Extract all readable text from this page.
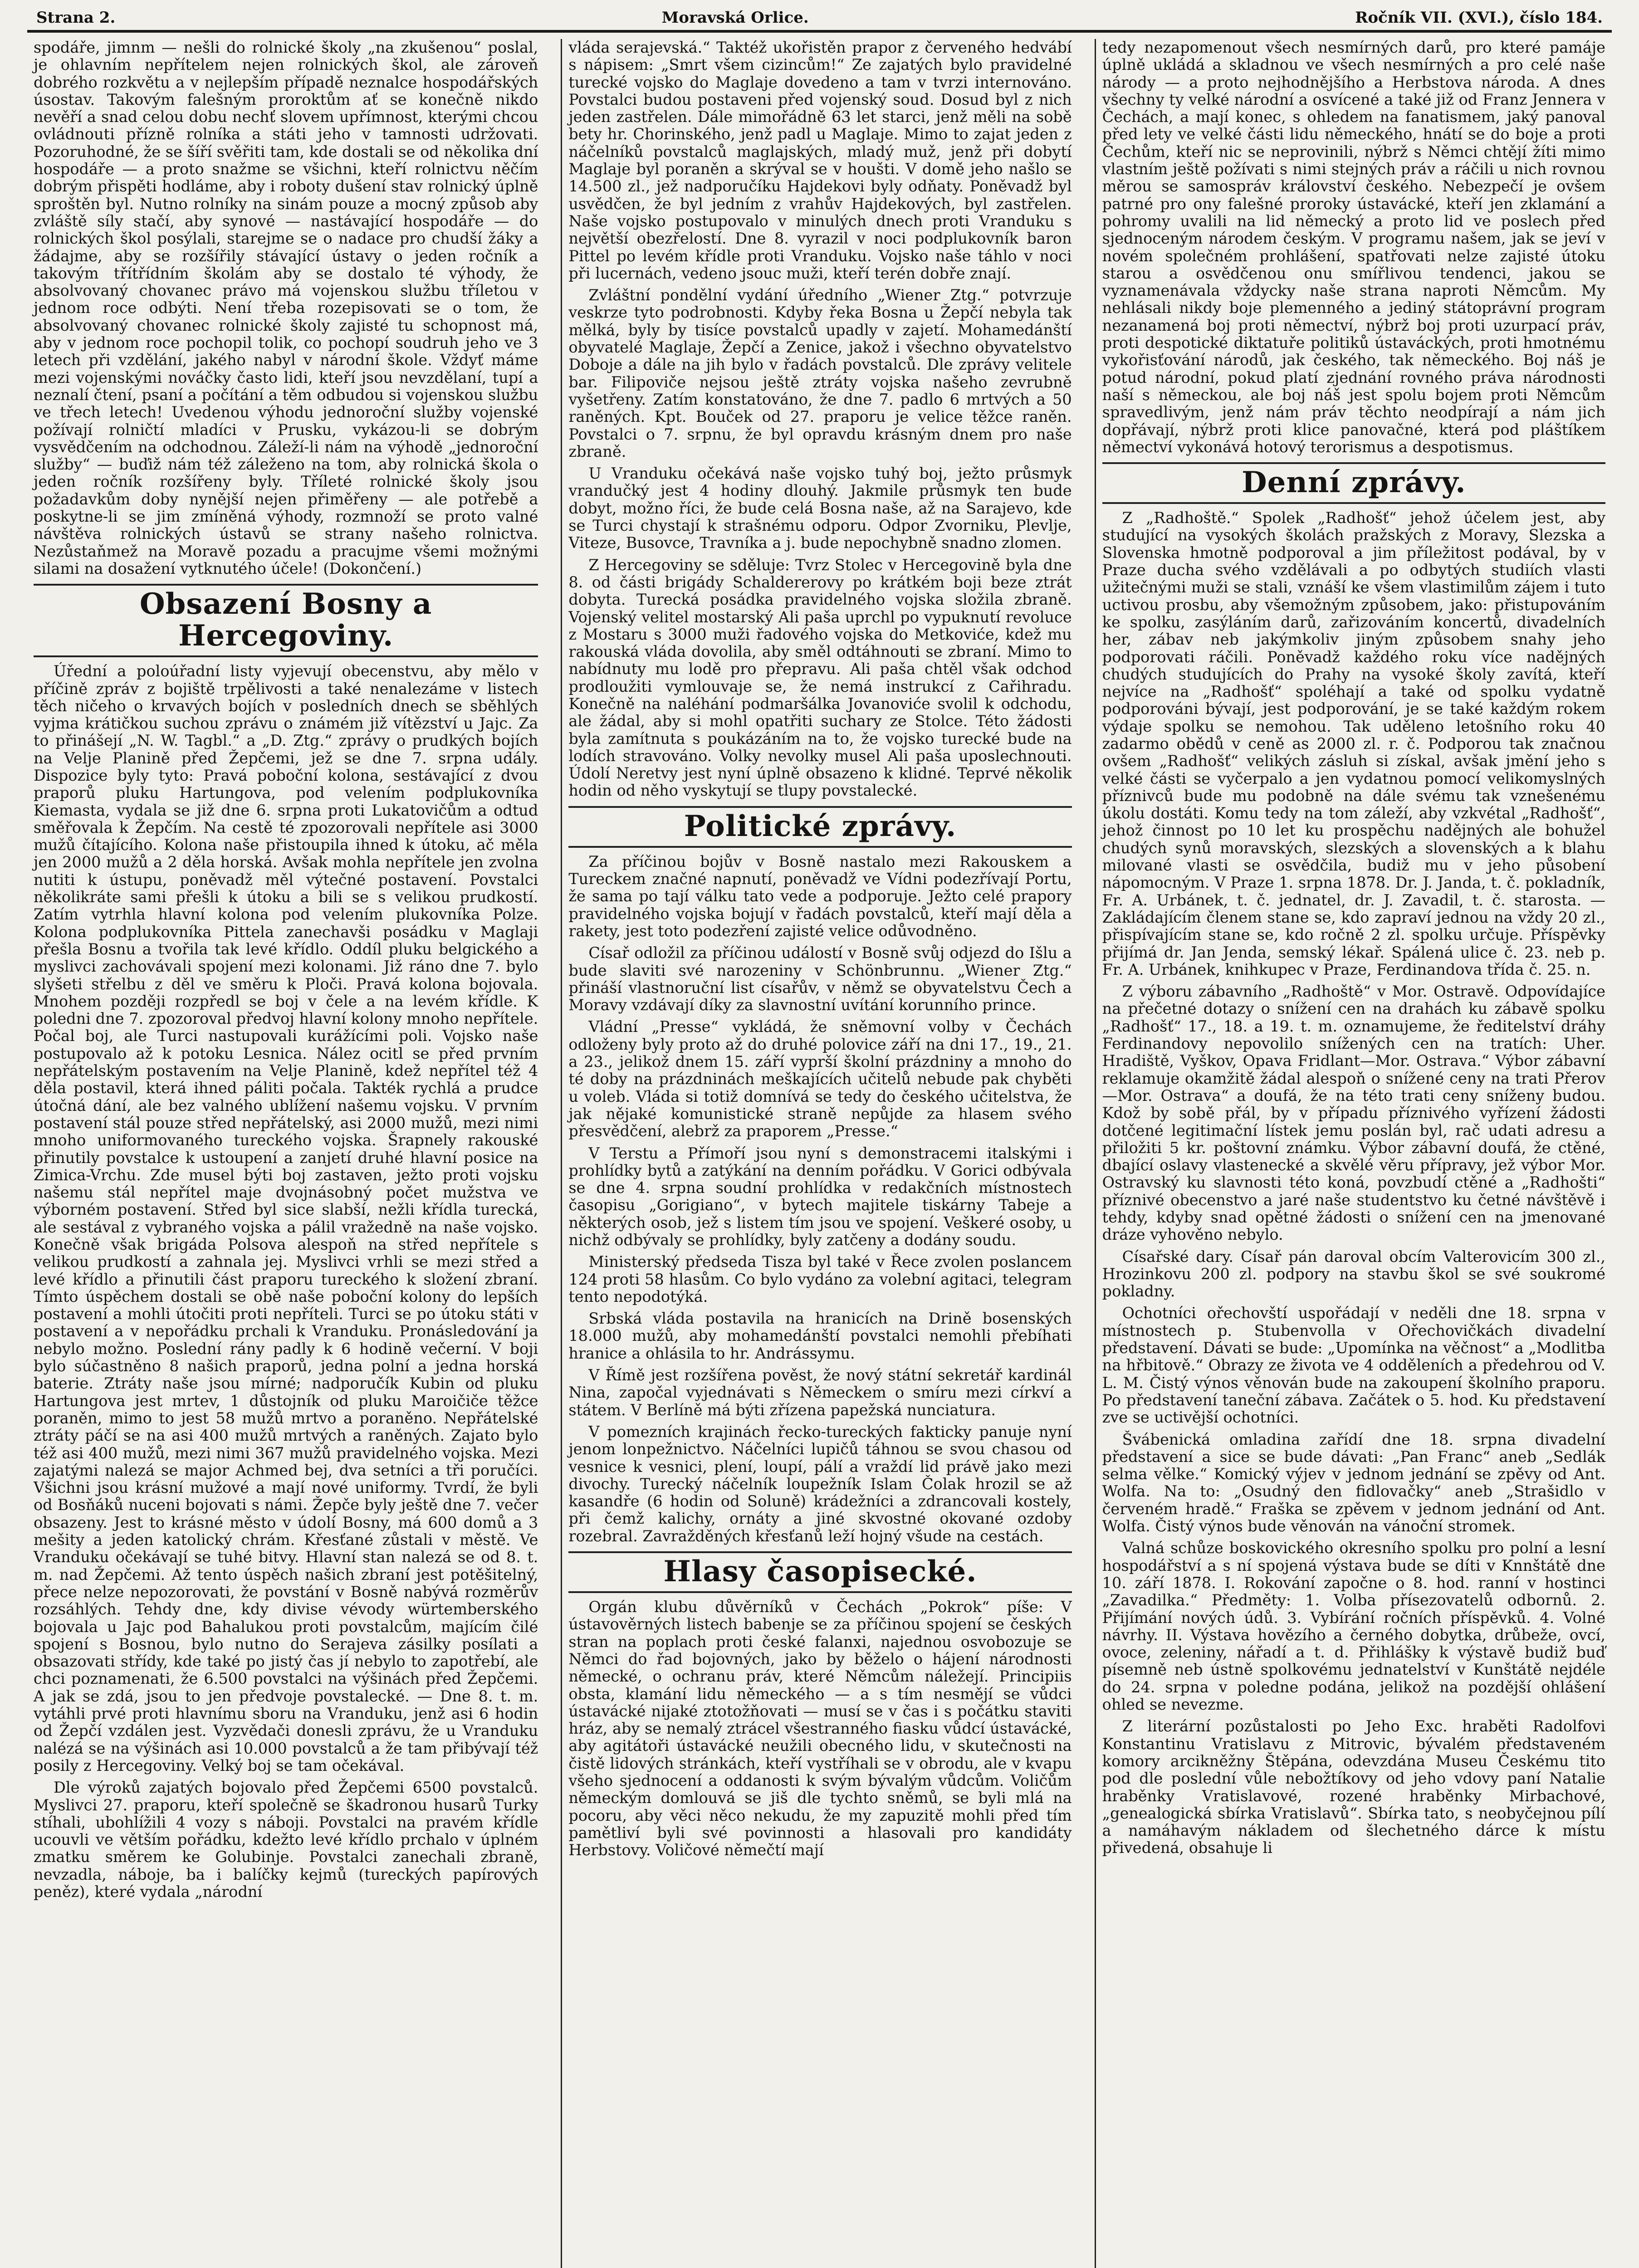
Strana 2.	Moravská Orlice.	Ročník VII. (XVI.), číslo 184.

spodáře, jimnm — nešli do rolnické školy „na zkušenou“ poslal, je ohlavním nepřítelem nejen rolnických škol, ale zároveň dobrého rozkvětu a v nejlepším případě neznalce hospodářských úsostav. Takovým falešným proroktům ať se konečně nikdo nevěří a snad celou dobu nechť slovem upřímnost, kterými chcou ovládnouti přízně rolníka a státi jeho v tamnosti udržovati. Pozoruhodné, že se šíří svěřiti tam, kde dostali se od několika dní hospodáře — a proto snažme se všichni, kteří rolnictvu něčím dobrým přispěti hodláme, aby i roboty dušení stav rolnický úplně sproštěn byl. Nutno rolníky na sinám pouze a mocný způsob aby zvláště síly stačí, aby synové — nastávající hospodáře — do rolnických škol posýlali, starejme se o nadace pro chudší žáky a žádajme, aby se rozšířily stávající ústavy o jeden ročník a takovým třítřídním školám aby se dostalo té výhody, že absolvovaný chovanec právo má vojenskou službu tříletou v jednom roce odbýti. Není třeba rozepisovati se o tom, že absolvovaný chovanec rolnické školy zajisté tu schopnost má, aby v jednom roce pochopil tolik, co pochopí soudruh jeho ve 3 letech při vzdělání, jakého nabyl v národní škole. Vždyť máme mezi vojenskými nováčky často lidi, kteří jsou nevzdělaní, tupí a neznalí čtení, psaní a počítání a těm odbudou si vojenskou službu ve třech letech! Uvedenou výhodu jednoroční služby vojenské požívají rolničtí mladíci v Prusku, vykázou-li se dobrým vysvědčením na odchodnou. Záleží-li nám na výhodě „jednoroční služby“ — buďiž nám též záleženo na tom, aby rolnická škola o jeden ročník rozšířeny byly. Tříleté rolnické školy jsou požadavkům doby nynější nejen přiměřeny — ale potřebě a poskytne-li se jim zmíněná výhody, rozmnoží se proto valné návštěva rolnických ústavů se strany našeho rolnictva. Nezůstaňmež na Moravě pozadu a pracujme všemi možnými silami na dosažení vytknutého účele! (Dokončení.)

Obsazení Bosny a Hercegoviny.

Úřední a poloúřadní listy vyjevují obecenstvu, aby mělo v příčině zpráv z bojiště trpělivosti a také nenalezáme v listech těch ničeho o krvavých bojích v posledních dnech se sběhlých vyjma krátičkou suchou zprávu o známém již vítězství u Jajc. Za to přinášejí „N. W. Tagbl.“ a „D. Ztg.“ zprávy o prudkých bojích na Velje Planině před Žepčemi, jež se dne 7. srpna udály. Dispozice byly tyto: Pravá poboční kolona, sestávající z dvou praporů pluku Hartungova, pod velením podplukovníka Kiemasta, vydala se již dne 6. srpna proti Lukatovičům a odtud směřovala k Žepčím. Na cestě té zpozorovali nepřítele asi 3000 mužů čítajícího. Kolona naše přistoupila ihned k útoku, ač měla jen 2000 mužů a 2 děla horská. Avšak mohla nepřítele jen zvolna nutiti k ústupu, poněvadž měl výtečné postavení. Povstalci několikráte sami přešli k útoku a bili se s velikou prudkostí. Zatím vytrhla hlavní kolona pod velením plukovníka Polze. Kolona podplukovníka Pittela zanechavši posádku v Maglaji přešla Bosnu a tvořila tak levé křídlo. Oddíl pluku belgického a myslivci zachovávali spojení mezi kolonami. Již ráno dne 7. bylo slyšeti střelbu z děl ve směru k Ploči. Pravá kolona bojovala. Mnohem později rozpředl se boj v čele a na levém křídle. K poledni dne 7. zpozoroval předvoj hlavní kolony mnoho nepřítele. Počal boj, ale Turci nastupovali kurážícími poli. Vojsko naše postupovalo až k potoku Lesnica. Nález ocitl se před prvním nepřátelským postavením na Velje Planině, kdež nepřítel též 4 děla postavil, která ihned páliti počala. Takték rychlá a prudce útočná dání, ale bez valného ublížení našemu vojsku. V prvním postavení stál pouze střed nepřátelský, asi 2000 mužů, mezi nimi mnoho uniformovaného tureckého vojska. Šrapnely rakouské přinutily povstalce k ustoupení a zanjetí druhé hlavní posice na Zimica-Vrchu. Zde musel býti boj zastaven, ježto proti vojsku našemu stál nepřítel maje dvojnásobný počet mužstva ve výborném postavení. Střed byl sice slabší, nežli křídla turecká, ale sestával z vybraného vojska a pálil vražedně na naše vojsko. Konečně však brigáda Polsova alespoň na střed nepřítele s velikou prudkostí a zahnala jej. Myslivci vrhli se mezi střed a levé křídlo a přinutili část praporu tureckého k složení zbraní. Tímto úspěchem dostali se obě naše poboční kolony do lepších postavení a mohli útočiti proti nepříteli. Turci se po útoku státi v postavení a v nepořádku prchali k Vranduku. Pronásledování ja nebylo možno. Poslední rány padly k 6 hodině večerní. V boji bylo súčastněno 8 našich praporů, jedna polní a jedna horská baterie. Ztráty naše jsou mírné; nadporučík Kubin od pluku Hartungova jest mrtev, 1 důstojník od pluku Maroičiče těžce poraněn, mimo to jest 58 mužů mrtvo a poraněno. Nepřátelské ztráty páčí se na asi 400 mužů mrtvých a raněných. Zajato bylo též asi 400 mužů, mezi nimi 367 mužů pravidelného vojska. Mezi zajatými nalezá se major Achmed bej, dva setníci a tři poručíci. Všichni jsou krásní mužové a mají nové uniformy. Tvrdí, že byli od Bosňáků nuceni bojovati s námi. Žepče byly ještě dne 7. večer obsazeny. Jest to krásné město v údolí Bosny, má 600 domů a 3 mešity a jeden katolický chrám. Křesťané zůstali v městě. Ve Vranduku očekávají se tuhé bitvy. Hlavní stan nalezá se od 8. t. m. nad Žepčemi. Až tento úspěch našich zbraní jest potěšitelný, přece nelze nepozorovati, že povstání v Bosně nabývá rozměrův rozsáhlých. Tehdy dne, kdy divise vévody würtemberského bojovala u Jajc pod Bahalukou proti povstalcům, majícím čilé spojení s Bosnou, bylo nutno do Serajeva zásilky posílati a obsazovati střídy, kde také po jistý čas jí nebylo to zapotřebí, ale chci poznamenati, že 6.500 povstalci na výšinách před Žepčemi. A jak se zdá, jsou to jen předvoje povstalecké. — Dne 8. t. m. vytáhli prvé proti hlavnímu sboru na Vranduku, jenž asi 6 hodin od Žepčí vzdálen jest. Vyzvědači donesli zprávu, že u Vranduku nalézá se na výšinách asi 10.000 povstalců a že tam přibývají též posily z Hercegoviny. Velký boj se tam očekával.

Dle výroků zajatých bojovalo před Žepčemi 6500 povstalců. Myslivci 27. praporu, kteří společně se škadronou husarů Turky stíhali, ubohlížili 4 vozy s náboji. Povstalci na pravém křídle ucouvli ve větším pořádku, kdežto levé křídlo prchalo v úplném zmatku směrem ke Golubinje. Povstalci zanechali zbraně, nevzadla, náboje, ba i balíčky kejmů (tureckých papírových peněz), které vydala „národní

vláda serajevská.“ Taktéž ukořistěn prapor z červeného hedvábí s nápisem: „Smrt všem cizincům!“ Ze zajatých bylo pravidelné turecké vojsko do Maglaje dovedeno a tam v tvrzi internováno. Povstalci budou postaveni před vojenský soud. Dosud byl z nich jeden zastřelen. Dále mimořádně 63 let starci, jenž měli na sobě bety hr. Chorinského, jenž padl u Maglaje. Mimo to zajat jeden z náčelníků povstalců maglajských, mladý muž, jenž při dobytí Maglaje byl poraněn a skrýval se v houšti. V domě jeho našlo se 14.500 zl., jež nadporučíku Hajdekovi byly odňaty. Poněvadž byl usvědčen, že byl jedním z vrahův Hajdekových, byl zastřelen. Naše vojsko postupovalo v minulých dnech proti Vranduku s největší obezřelostí. Dne 8. vyrazil v noci podplukovník baron Pittel po levém křídle proti Vranduku. Vojsko naše táhlo v noci při lucernách, vedeno jsouc muži, kteří terén dobře znají.

Zvláštní pondělní vydání úředního „Wiener Ztg.“ potvrzuje veskrze tyto podrobnosti. Kdyby řeka Bosna u Žepčí nebyla tak mělká, byly by tisíce povstalců upadly v zajetí. Mohamedánští obyvatelé Maglaje, Žepčí a Zenice, jakož i všechno obyvatelstvo Doboje a dále na jih bylo v řadách povstalců. Dle zprávy velitele bar. Filipoviče nejsou ještě ztráty vojska našeho zevrubně vyšetřeny. Zatím konstatováno, že dne 7. padlo 6 mrtvých a 50 raněných. Kpt. Bouček od 27. praporu je velice těžce raněn. Povstalci o 7. srpnu, že byl opravdu krásným dnem pro naše zbraně.

U Vranduku očekává naše vojsko tuhý boj, ježto průsmyk vrandučký jest 4 hodiny dlouhý. Jakmile průsmyk ten bude dobyt, možno říci, že bude celá Bosna naše, až na Sarajevo, kde se Turci chystají k strašnému odporu. Odpor Zvorniku, Plevlje, Viteze, Busovce, Travníka a j. bude nepochybně snadno zlomen.

Z Hercegoviny se sděluje: Tvrz Stolec v Hercegovině byla dne 8. od části brigády Schaldererovy po krátkém boji beze ztrát dobyta. Turecká posádka pravidelného vojska složila zbraně. Vojenský velitel mostarský Ali paša uprchl po vypuknutí revoluce z Mostaru s 3000 muži řadového vojska do Metkoviće, kdež mu rakouská vláda dovolila, aby směl odtáhnouti se zbraní. Mimo to nabídnuty mu lodě pro přepravu. Ali paša chtěl však odchod prodloužiti vymlouvaje se, že nemá instrukcí z Cařihradu. Konečně na naléhání podmaršálka Jovanoviće svolil k odchodu, ale žádal, aby si mohl opatřiti suchary ze Stolce. Této žádosti byla zamítnuta s poukázáním na to, že vojsko turecké bude na lodích stravováno. Volky nevolky musel Ali paša uposlechnouti. Údolí Neretvy jest nyní úplně obsazeno k klidné. Teprvé několik hodin od něho vyskytují se tlupy povstalecké.

Politické zprávy.

Za příčinou bojův v Bosně nastalo mezi Rakouskem a Tureckem značné napnutí, poněvadž ve Vídni podezřívají Portu, že sama po tají válku tato vede a podporuje. Ježto celé prapory pravidelného vojska bojují v řadách povstalců, kteří mají děla a rakety, jest toto podezření zajisté velice odůvodněno.

Císař odložil za příčinou událostí v Bosně svůj odjezd do Išlu a bude slaviti své narozeniny v Schönbrunnu. „Wiener Ztg.“ přináší vlastnoruční list císařův, v němž se obyvatelstvu Čech a Moravy vzdávají díky za slavnostní uvítání korunního prince.

Vládní „Presse“ vykládá, že sněmovní volby v Čechách odloženy byly proto až do druhé polovice září na dni 17., 19., 21. a 23., jelikož dnem 15. září vyprší školní prázdniny a mnoho do té doby na prázdninách meškajících učitelů nebude pak chyběti u voleb. Vláda si totiž domnívá se tedy do českého učitelstva, že jak nějaké komunistické straně nepůjde za hlasem svého přesvědčení, alebrž za praporem „Presse.“

V Terstu a Přímoří jsou nyní s demonstracemi italskými i prohlídky bytů a zatýkání na denním pořádku. V Gorici odbývala se dne 4. srpna soudní prohlídka v redakčních místnostech časopisu „Gorigiano“, v bytech majitele tiskárny Tabeje a některých osob, jež s listem tím jsou ve spojení. Veškeré osoby, u nichž odbývaly se prohlídky, byly zatčeny a dodány soudu.

Ministerský předseda Tisza byl také v Řece zvolen poslancem 124 proti 58 hlasům. Co bylo vydáno za volební agitaci, telegram tento nepodotýká.

Srbská vláda postavila na hranicích na Drině bosenských 18.000 mužů, aby mohamedánští povstalci nemohli přebíhati hranice a ohlásila to hr. Andrássymu.

V Římě jest rozšířena pověst, že nový státní sekretář kardinál Nina, započal vyjednávati s Německem o smíru mezi církví a státem. V Berlíně má býti zřízena papežská nunciatura.

V pomezních krajinách řecko-tureckých fakticky panuje nyní jenom lonpežnictvo. Náčelníci lupičů táhnou se svou chasou od vesnice k vesnici, plení, loupí, pálí a vraždí lid právě jako mezi divochy. Turecký náčelník loupežník Islam Čolak hrozil se až kasandře (6 hodin od Soluně) krádežníci a zdrancovali kostely, při čemž kalichy, ornáty a jiné skvostné okované ozdoby rozebral. Zavražděných křesťanů leží hojný všude na cestách.

Hlasy časopisecké.

Orgán klubu důvěrníků v Čechách „Pokrok“ píše: V ústavověrných listech babenje se za příčinou spojení se českých stran na poplach proti české falanxi, najednou osvobozuje se Němci do řad bojovných, jako by běželo o hájení národnosti německé, o ochranu práv, které Němcům náležejí. Principiis obsta, klamání lidu německého — a s tím nesmějí se vůdci ústavácké nijaké ztotožňovati — musí se v čas i s počátku staviti hráz, aby se nemalý ztrácel všestranného fiasku vůdcí ústavácké, aby agitátoři ústavácké neužili obecného lidu, v skutečnosti na čistě lidových stránkách, kteří vystříhali se v obrodu, ale v kvapu všeho sjednocení a oddanosti k svým bývalým vůdcům. Voličům německým domlouvá se jiš dle tychto sněmů, se byli mlá na pocoru, aby věci něco nekudu, že my zapuzitě mohli před tím pamětliví byli své povinnosti a hlasovali pro kandidáty Herbstovy. Voličové němečtí mají

tedy nezapomenout všech nesmírných darů, pro které pamáje úplně ukládá a skladnou ve všech nesmírných a pro celé naše národy — a proto nejhodnějšího a Herbstova národa. A dnes všechny ty velké národní a osvícené a také již od Franz Jennera v Čechách, a mají konec, s ohledem na fanatismem, jaký panoval před lety ve velké části lidu německého, hnátí se do boje a proti Čechům, kteří nic se neprovinili, nýbrž s Němci chtějí žíti mimo vlastním ještě požívati s nimi stejných práv a ráčili u nich rovnou měrou se samospráv království českého. Nebezpečí je ovšem patrné pro ony falešné proroky ústavácké, kteří jen zklamání a pohromy uvalili na lid německý a proto lid ve poslech před sjednoceným národem českým. V programu našem, jak se jeví v novém společném prohlášení, spatřovati nelze zajisté útoku starou a osvědčenou onu smířlivou tendenci, jakou se vyznamenávala vždycky naše strana naproti Němcům. My nehlásali nikdy boje plemenného a jediný státoprávní program nezanamená boj proti němectví, nýbrž boj proti uzurpací práv, proti despotické diktatuře politiků ústaváckých, proti hmotnému vykořisťování národů, jak českého, tak německého. Boj náš je potud národní, pokud platí zjednání rovného práva národnosti naší s německou, ale boj náš jest spolu bojem proti Němcům spravedlivým, jenž nám práv těchto neodpírají a nám jich dopřávají, nýbrž proti klice panovačné, která pod pláštíkem němectví vykonává hotový terorismus a despotismus.

Denní zprávy.

Z „Radhoště.“ Spolek „Radhošť“ jehož účelem jest, aby studující na vysokých školách pražských z Moravy, Slezska a Slovenska hmotně podporoval a jim příležitost podával, by v Praze ducha svého vzdělávali a po odbytých studiích vlasti užitečnými muži se stali, vznáší ke všem vlastimilům zájem i tuto uctivou prosbu, aby všemožným způsobem, jako: přistupováním ke spolku, zasýláním darů, zařizováním koncertů, divadelních her, zábav neb jakýmkoliv jiným způsobem snahy jeho podporovati ráčili. Poněvadž každého roku více nadějných chudých studujících do Prahy na vysoké školy zavítá, kteří nejvíce na „Radhošť“ spoléhají a také od spolku vydatně podporováni bývají, jest podporování, je se také každým rokem výdaje spolku se nemohou. Tak uděleno letošního roku 40 zadarmo obědů v ceně as 2000 zl. r. č. Podporou tak značnou ovšem „Radhošť“ velikých zásluh si získal, avšak jmění jeho s velké části se vyčerpalo a jen vydatnou pomocí velikomyslných příznivců bude mu podobně na dále svému tak vznešenému úkolu dostáti. Komu tedy na tom záleží, aby vzkvétal „Radhošť“, jehož činnost po 10 let ku prospěchu nadějných ale bohužel chudých synů moravských, slezských a slovenských a k blahu milované vlasti se osvědčila, budiž mu v jeho působení nápomocným. V Praze 1. srpna 1878. Dr. J. Janda, t. č. pokladník, Fr. A. Urbánek, t. č. jednatel, dr. J. Zavadil, t. č. starosta. — Zakládajícím členem stane se, kdo zapraví jednou na vždy 20 zl., přispívajícím stane se, kdo ročně 2 zl. spolku určuje. Příspěvky přijímá dr. Jan Jenda, semský lékař. Spálená ulice č. 23. neb p. Fr. A. Urbánek, knihkupec v Praze, Ferdinandova třída č. 25. n.

Z výboru zábavního „Radhoště“ v Mor. Ostravě. Odpovídajíce na přečetné dotazy o snížení cen na drahách ku zábavě spolku „Radhošť“ 17., 18. a 19. t. m. oznamujeme, že ředitelství dráhy Ferdinandovy nepovolilo snížených cen na tratích: Uher. Hradiště, Vyškov, Opava Fridlant—Mor. Ostrava.“ Výbor zábavní reklamuje okamžitě žádal alespoň o snížené ceny na trati Přerov—Mor. Ostrava“ a doufá, že na této trati ceny sníženy budou. Kdož by sobě přál, by v případu příznivého vyřízení žádosti dotčené legitimační lístek jemu poslán byl, rač udati adresu a přiložiti 5 kr. poštovní známku. Výbor zábavní doufá, že ctěné, dbající oslavy vlastenecké a skvělé věru přípravy, jež výbor Mor. Ostravský ku slavnosti této koná, povzbudí ctěné a „Radhošti“ příznivé obecenstvo a jaré naše studentstvo ku četné návštěvě i tehdy, kdyby snad opětné žádosti o snížení cen na jmenované dráze vyhověno nebylo.

Císařské dary. Císař pán daroval obcím Valterovicím 300 zl., Hrozinkovu 200 zl. podpory na stavbu škol se své soukromé pokladny.

Ochotníci ořechovští uspořádají v neděli dne 18. srpna v místnostech p. Stubenvolla v Ořechovičkách divadelní představení. Dávati se bude: „Upomínka na věčnost“ a „Modlitba na hřbitově.“ Obrazy ze života ve 4 odděleních a předehrou od V. L. M. Čistý výnos věnován bude na zakoupení školního praporu. Po představení taneční zábava. Začátek o 5. hod. Ku představení zve se uctivější ochotníci.

Švábenická omladina zařídí dne 18. srpna divadelní představení a sice se bude dávati: „Pan Franc“ aneb „Sedlák selma vělke.“ Komický výjev v jednom jednání se zpěvy od Ant. Wolfa. Na to: „Osudný den fidlovačky“ aneb „Strašidlo v červeném hradě.“ Fraška se zpěvem v jednom jednání od Ant. Wolfa. Čistý výnos bude věnován na vánoční stromek.

Valná schůze boskovického okresního spolku pro polní a lesní hospodářství a s ní spojená výstava bude se díti v Knnštátě dne 10. září 1878. I. Rokování započne o 8. hod. ranní v hostinci „Zavadilka.“ Předměty: 1. Volba přísezovatelů odbornů. 2. Přijímání nových údů. 3. Vybírání ročních příspěvků. 4. Volné návrhy. II. Výstava hovězího a černého dobytka, drůbeže, ovcí, ovoce, zeleniny, nářadí a t. d. Přihlášky k výstavě budiž buď písemně neb ústně spolkovému jednatelství v Kunštátě nejdéle do 24. srpna v poledne podána, jelikož na pozdější ohlášení ohled se nevezme.

Z literární pozůstalosti po Jeho Exc. hraběti Radolfovi Konstantinu Vratislavu z Mitrovic, bývalém představeném komory arcikněžny Štěpána, odevzdána Museu Českému tito pod dle poslední vůle nebožtíkovy od jeho vdovy paní Natalie hraběnky Vratislavové, rozené hraběnky Mirbachové, „genealogická sbírka Vratislavů“. Sbírka tato, s neobyčejnou pílí a namáhavým nákladem od šlechetného dárce k místu přivedená, obsahuje li
